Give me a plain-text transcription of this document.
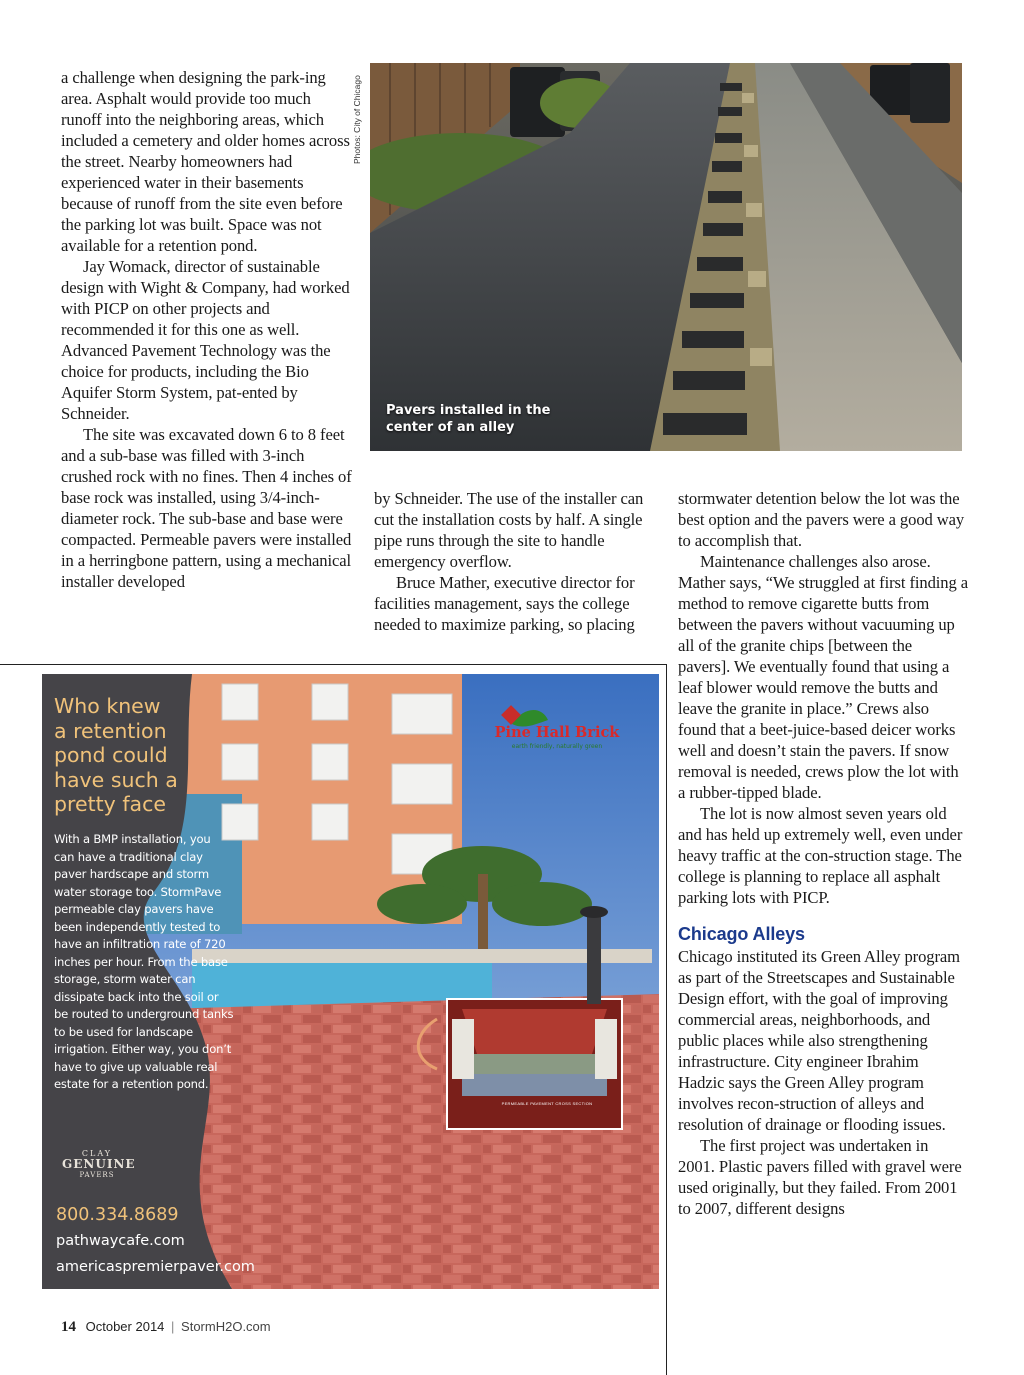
a challenge when designing the park-ing area. Asphalt would provide too much runoff into the neighboring areas, which included a cemetery and older homes across the street. Nearby homeowners had experienced water in their basements because of runoff from the site even before the parking lot was built. Space was not available for a retention pond.

Jay Womack, director of sustainable design with Wight & Company, had worked with PICP on other projects and recommended it for this one as well. Advanced Pavement Technology was the choice for products, including the Bio Aquifer Storm System, pat-ented by Schneider.

The site was excavated down 6 to 8 feet and a sub-base was filled with 3-inch crushed rock with no fines. Then 4 inches of base rock was installed, using 3/4-inch-diameter rock. The sub-base and base were compacted. Permeable pavers were installed in a herringbone pattern, using a mechanical installer developed

Photos: City of Chicago
Pavers installed in the center of an alley

by Schneider. The use of the installer can cut the installation costs by half. A single pipe runs through the site to handle emergency overflow.

Bruce Mather, executive director for facilities management, says the college needed to maximize parking, so placing

stormwater detention below the lot was the best option and the pavers were a good way to accomplish that.

Maintenance challenges also arose. Mather says, “We struggled at first finding a method to remove cigarette butts from between the pavers without vacuuming up all of the granite chips [between the pavers]. We eventually found that using a leaf blower would remove the butts and leave the granite in place.” Crews also found that a beet-juice-based deicer works well and doesn’t stain the pavers. If snow removal is needed, crews plow the lot with a rubber-tipped blade.

The lot is now almost seven years old and has held up extremely well, even under heavy traffic at the con-struction stage. The college is planning to replace all asphalt parking lots with PICP.

Chicago Alleys

Chicago instituted its Green Alley program as part of the Streetscapes and Sustainable Design effort, with the goal of improving commercial areas, neighborhoods, and public places while also strengthening infrastructure. City engineer Ibrahim Hadzic says the Green Alley program involves recon-struction of alleys and resolution of drainage or flooding issues.

The first project was undertaken in 2001. Plastic pavers filled with gravel were used originally, but they failed. From 2001 to 2007, different designs

Who knew
a retention
pond could
have such a
pretty face
With a BMP installation, you can have a traditional clay paver hardscape and storm water storage too. StormPave permeable clay pavers have been independently tested to have an infiltration rate of 720 inches per hour. From the base storage, storm water can dissipate back into the soil or be routed to underground tanks to be used for landscape irrigation. Either way, you don’t have to give up valuable real estate for a retention pond.
CLAY
GENUINE
PAVERS
800.334.8689
pathwaycafe.com
americaspremierpaver.com
Pine Hall Brick
earth friendly, naturally green
PERMEABLE PAVEMENT CROSS SECTION
14 October 2014 | StormH2O.com
